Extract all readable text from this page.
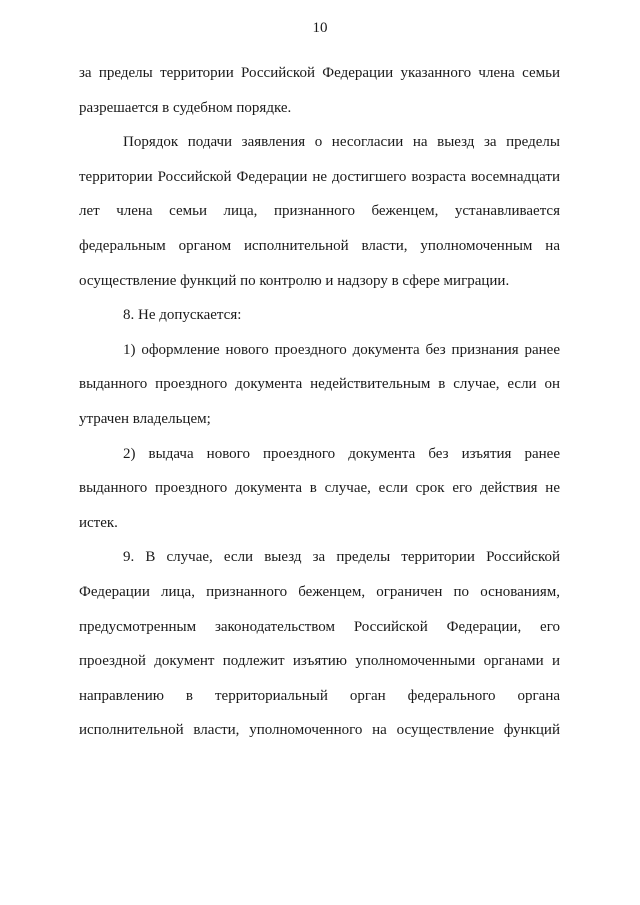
10

за пределы территории Российской Федерации указанного члена семьи разрешается в судебном порядке.

Порядок подачи заявления о несогласии на выезд за пределы территории Российской Федерации не достигшего возраста восемнадцати лет члена семьи лица, признанного беженцем, устанавливается федеральным органом исполнительной власти, уполномоченным на осуществление функций по контролю и надзору в сфере миграции.

8. Не допускается:

1) оформление нового проездного документа без признания ранее выданного проездного документа недействительным в случае, если он утрачен владельцем;

2) выдача нового проездного документа без изъятия ранее выданного проездного документа в случае, если срок его действия не истек.

9. В случае, если выезд за пределы территории Российской Федерации лица, признанного беженцем, ограничен по основаниям, предусмотренным законодательством Российской Федерации, его проездной документ подлежит изъятию уполномоченными органами и направлению в территориальный орган федерального органа исполнительной власти, уполномоченного на осуществление функций
